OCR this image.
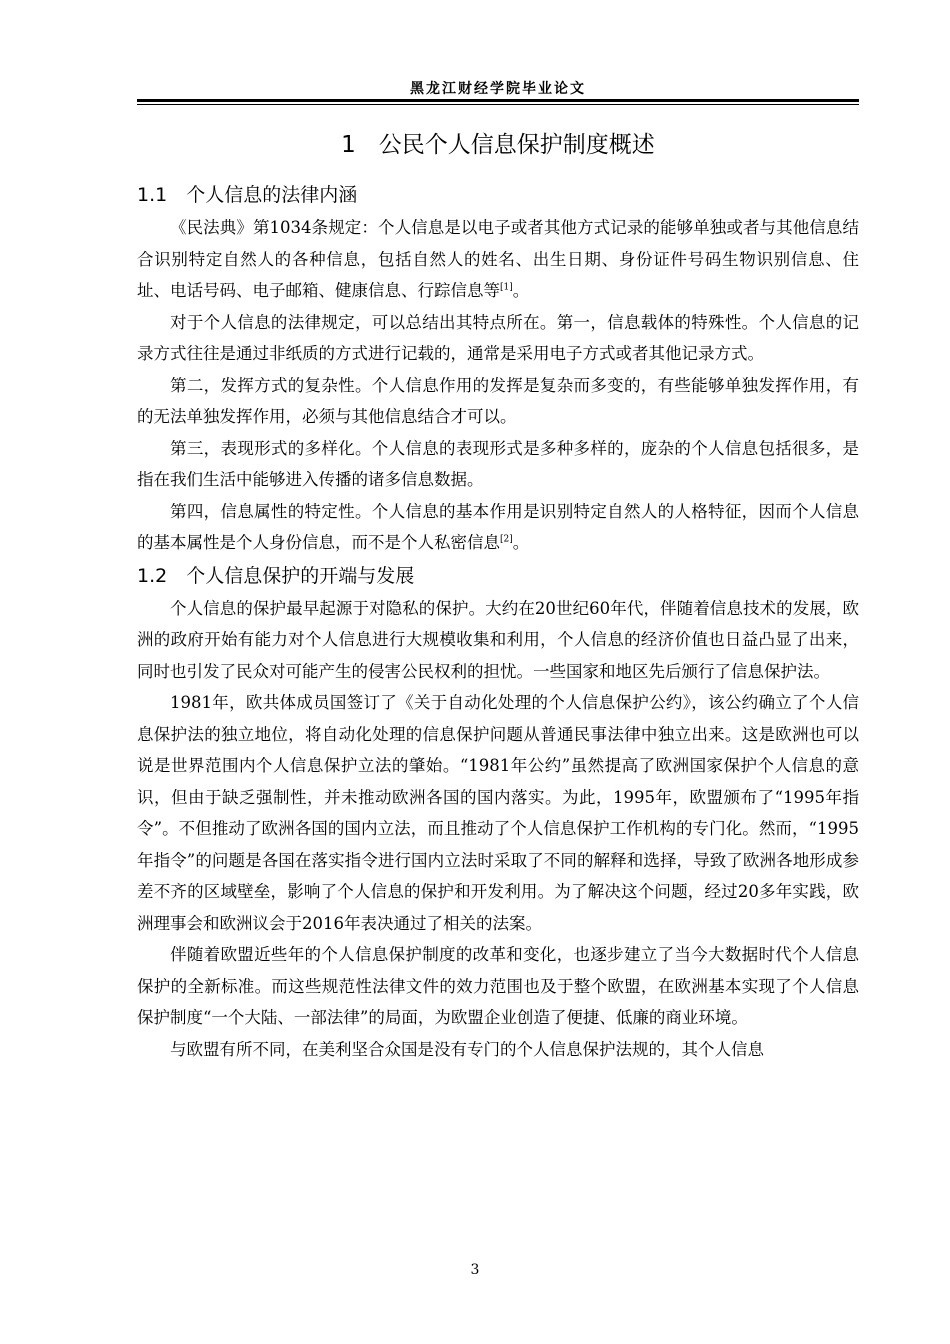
黑龙江财经学院毕业论文
1　公民个人信息保护制度概述
1.1　个人信息的法律内涵

《民法典》第1034条规定：个人信息是以电子或者其他方式记录的能够单独或者与其他信息结合识别特定自然人的各种信息，包括自然人的姓名、出生日期、身份证件号码生物识别信息、住址、电话号码、电子邮箱、健康信息、行踪信息等[1]。

对于个人信息的法律规定，可以总结出其特点所在。第一，信息载体的特殊性。个人信息的记录方式往往是通过非纸质的方式进行记载的，通常是采用电子方式或者其他记录方式。

第二，发挥方式的复杂性。个人信息作用的发挥是复杂而多变的，有些能够单独发挥作用，有的无法单独发挥作用，必须与其他信息结合才可以。

第三，表现形式的多样化。个人信息的表现形式是多种多样的，庞杂的个人信息包括很多，是指在我们生活中能够进入传播的诸多信息数据。

第四，信息属性的特定性。个人信息的基本作用是识别特定自然人的人格特征，因而个人信息的基本属性是个人身份信息，而不是个人私密信息[2]。

1.2　个人信息保护的开端与发展

个人信息的保护最早起源于对隐私的保护。大约在20世纪60年代，伴随着信息技术的发展，欧洲的政府开始有能力对个人信息进行大规模收集和利用，个人信息的经济价值也日益凸显了出来，同时也引发了民众对可能产生的侵害公民权利的担忧。一些国家和地区先后颁行了信息保护法。

1981年，欧共体成员国签订了《关于自动化处理的个人信息保护公约》，该公约确立了个人信息保护法的独立地位，将自动化处理的信息保护问题从普通民事法律中独立出来。这是欧洲也可以说是世界范围内个人信息保护立法的肇始。“1981年公约”虽然提高了欧洲国家保护个人信息的意识，但由于缺乏强制性，并未推动欧洲各国的国内落实。为此，1995年，欧盟颁布了“1995年指令”。不但推动了欧洲各国的国内立法，而且推动了个人信息保护工作机构的专门化。然而，“1995年指令”的问题是各国在落实指令进行国内立法时采取了不同的解释和选择，导致了欧洲各地形成参差不齐的区域壁垒，影响了个人信息的保护和开发利用。为了解决这个问题，经过20多年实践，欧洲理事会和欧洲议会于2016年表决通过了相关的法案。

伴随着欧盟近些年的个人信息保护制度的改革和变化，也逐步建立了当今大数据时代个人信息保护的全新标准。而这些规范性法律文件的效力范围也及于整个欧盟，在欧洲基本实现了个人信息保护制度“一个大陆、一部法律”的局面，为欧盟企业创造了便捷、低廉的商业环境。

与欧盟有所不同，在美利坚合众国是没有专门的个人信息保护法规的，其个人信息

3
